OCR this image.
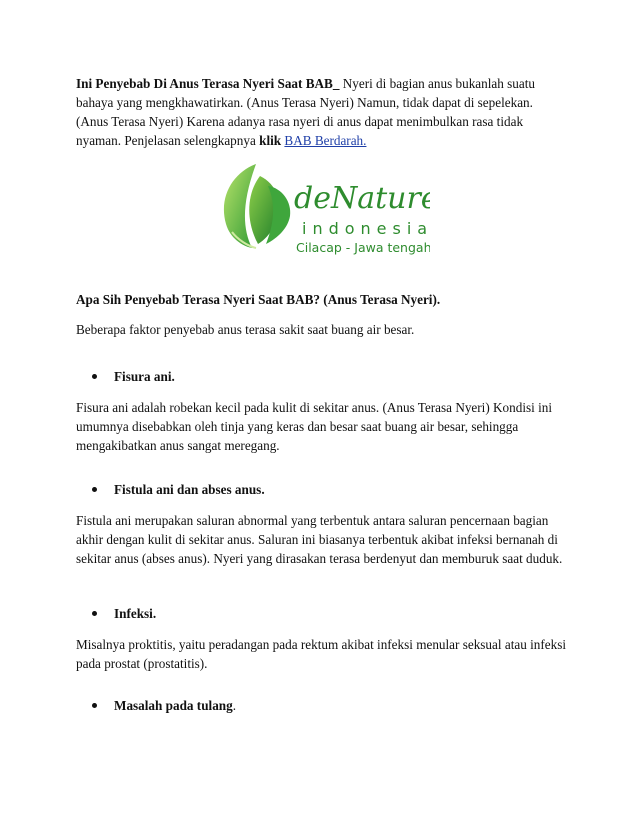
Ini Penyebab Di Anus Terasa Nyeri Saat BAB_ Nyeri di bagian anus bukanlah suatu bahaya yang mengkhawatirkan. (Anus Terasa Nyeri) Namun, tidak dapat di sepelekan. (Anus Terasa Nyeri) Karena adanya rasa nyeri di anus dapat menimbulkan rasa tidak nyaman. Penjelasan selengkapnya klik BAB Berdarah.

deNature
indonesia
Cilacap - Jawa tengah

Apa Sih Penyebab Terasa Nyeri Saat BAB? (Anus Terasa Nyeri).

Beberapa faktor penyebab anus terasa sakit saat buang air besar.

Fisura ani.

Fisura ani adalah robekan kecil pada kulit di sekitar anus. (Anus Terasa Nyeri) Kondisi ini umumnya disebabkan oleh tinja yang keras dan besar saat buang air besar, sehingga mengakibatkan anus sangat meregang.

Fistula ani dan abses anus.

Fistula ani merupakan saluran abnormal yang terbentuk antara saluran pencernaan bagian akhir dengan kulit di sekitar anus. Saluran ini biasanya terbentuk akibat infeksi bernanah di sekitar anus (abses anus). Nyeri yang dirasakan terasa berdenyut dan memburuk saat duduk.

Infeksi.

Misalnya proktitis, yaitu peradangan pada rektum akibat infeksi menular seksual atau infeksi pada prostat (prostatitis).

Masalah pada tulang.
